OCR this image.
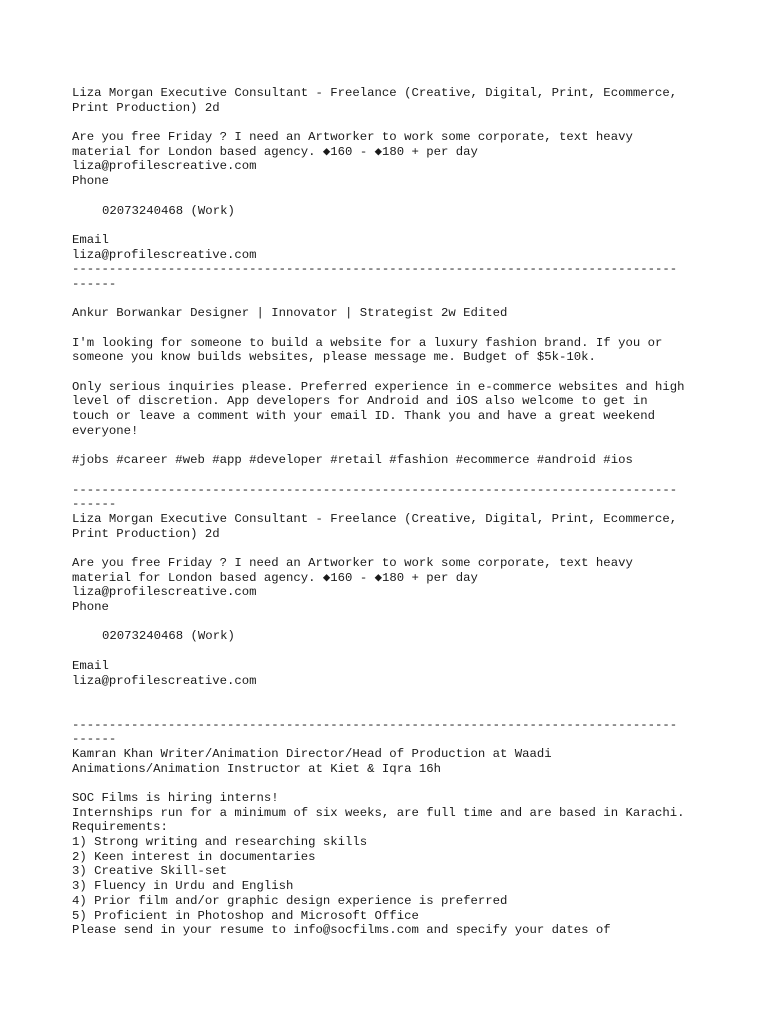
Liza Morgan Executive Consultant - Freelance (Creative, Digital, Print, Ecommerce,
Print Production) 2d
Are you free Friday ? I need an Artworker to work some corporate, text heavy
material for London based agency. ◆160 - ◆180 + per day
liza@profilescreative.com
Phone
02073240468 (Work)
Email
liza@profilescreative.com
----------------------------------------------------------------------------------
------
Ankur Borwankar Designer | Innovator | Strategist 2w Edited
I'm looking for someone to build a website for a luxury fashion brand. If you or
someone you know builds websites, please message me. Budget of $5k-10k.
Only serious inquiries please. Preferred experience in e-commerce websites and high
level of discretion. App developers for Android and iOS also welcome to get in
touch or leave a comment with your email ID. Thank you and have a great weekend
everyone!
#jobs #career #web #app #developer #retail #fashion #ecommerce #android #ios
----------------------------------------------------------------------------------
------
Liza Morgan Executive Consultant - Freelance (Creative, Digital, Print, Ecommerce,
Print Production) 2d
Are you free Friday ? I need an Artworker to work some corporate, text heavy
material for London based agency. ◆160 - ◆180 + per day
liza@profilescreative.com
Phone
02073240468 (Work)
Email
liza@profilescreative.com
----------------------------------------------------------------------------------
------
Kamran Khan Writer/Animation Director/Head of Production at Waadi
Animations/Animation Instructor at Kiet & Iqra 16h
SOC Films is hiring interns!
Internships run for a minimum of six weeks, are full time and are based in Karachi.
Requirements:
1) Strong writing and researching skills
2) Keen interest in documentaries
3) Creative Skill-set
3) Fluency in Urdu and English
4) Prior film and/or graphic design experience is preferred
5) Proficient in Photoshop and Microsoft Office
Please send in your resume to info@socfilms.com and specify your dates of
